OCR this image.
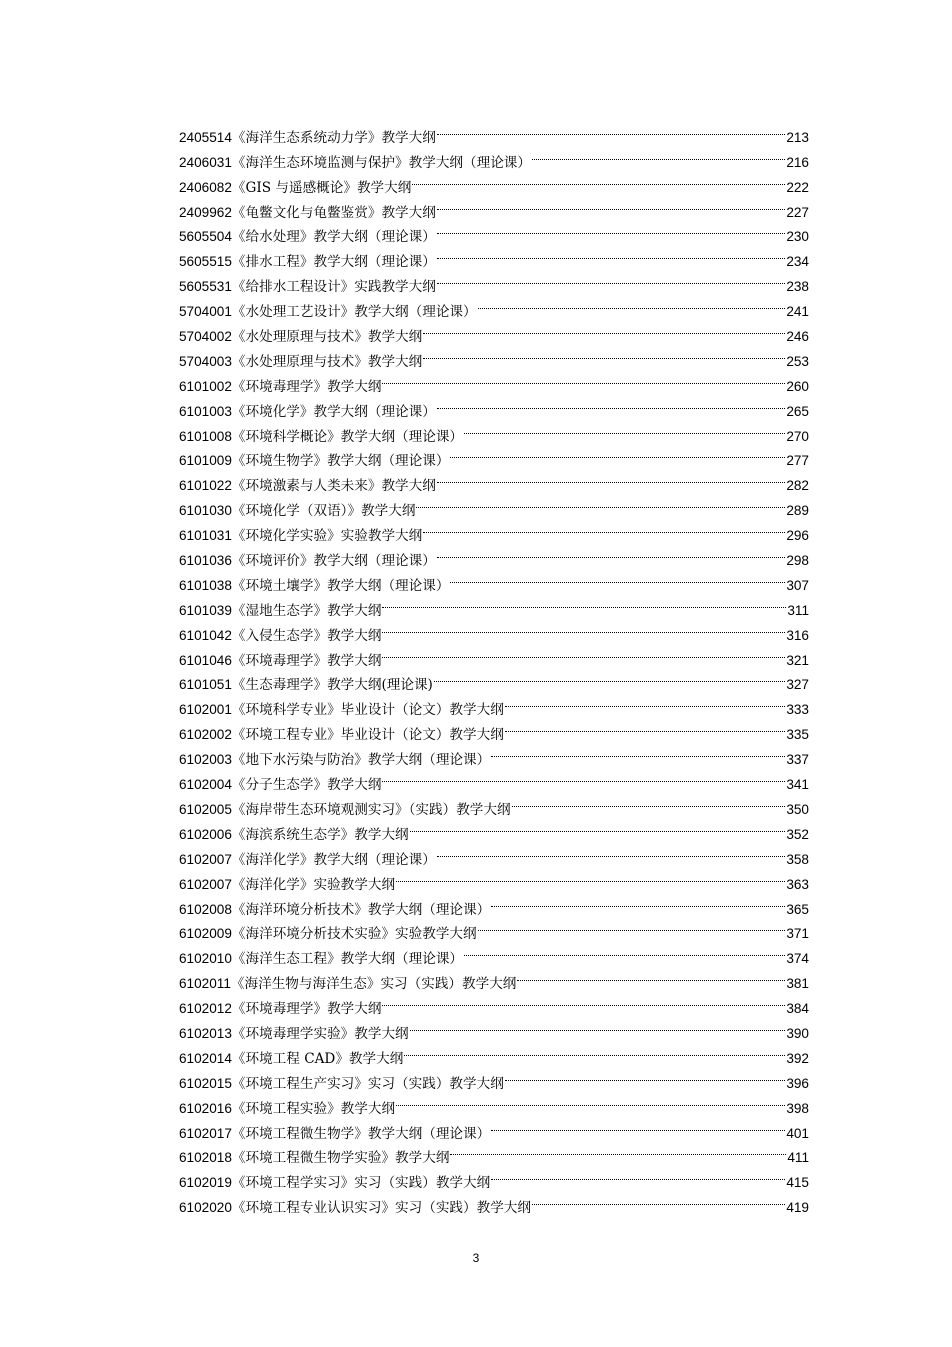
2405514 《海洋生态系统动力学》教学大纲	213
2406031 《海洋生态环境监测与保护》教学大纲（理论课）	216
2406082 《GIS 与遥感概论》教学大纲	222
2409962 《龟鳖文化与龟鳖鉴赏》教学大纲	227
5605504 《给水处理》教学大纲（理论课）	230
5605515 《排水工程》教学大纲（理论课）	234
5605531 《给排水工程设计》实践教学大纲	238
5704001 《水处理工艺设计》教学大纲（理论课）	241
5704002 《水处理原理与技术》教学大纲	246
5704003 《水处理原理与技术》教学大纲	253
6101002 《环境毒理学》教学大纲	260
6101003 《环境化学》教学大纲（理论课）	265
6101008 《环境科学概论》教学大纲（理论课）	270
6101009 《环境生物学》教学大纲（理论课）	277
6101022 《环境激素与人类未来》教学大纲	282
6101030 《环境化学（双语）》教学大纲	289
6101031 《环境化学实验》实验教学大纲	296
6101036 《环境评价》教学大纲（理论课）	298
6101038 《环境土壤学》教学大纲（理论课）	307
6101039 《湿地生态学》教学大纲	311
6101042 《入侵生态学》教学大纲	316
6101046 《环境毒理学》教学大纲	321
6101051 《生态毒理学》教学大纲(理论课)	327
6102001 《环境科学专业》毕业设计（论文）教学大纲	333
6102002 《环境工程专业》毕业设计（论文）教学大纲	335
6102003 《地下水污染与防治》教学大纲（理论课）	337
6102004 《分子生态学》教学大纲	341
6102005 《海岸带生态环境观测实习》（实践）教学大纲	350
6102006 《海滨系统生态学》教学大纲	352
6102007 《海洋化学》教学大纲（理论课）	358
6102007 《海洋化学》实验教学大纲	363
6102008 《海洋环境分析技术》教学大纲（理论课）	365
6102009 《海洋环境分析技术实验》实验教学大纲	371
6102010 《海洋生态工程》教学大纲（理论课）	374
6102011 《海洋生物与海洋生态》实习（实践）教学大纲	381
6102012 《环境毒理学》教学大纲	384
6102013 《环境毒理学实验》教学大纲	390
6102014 《环境工程 CAD》教学大纲	392
6102015 《环境工程生产实习》实习（实践）教学大纲	396
6102016 《环境工程实验》教学大纲	398
6102017 《环境工程微生物学》教学大纲（理论课）	401
6102018 《环境工程微生物学实验》教学大纲	411
6102019 《环境工程学实习》实习（实践）教学大纲	415
6102020 《环境工程专业认识实习》实习（实践）教学大纲	419
3
